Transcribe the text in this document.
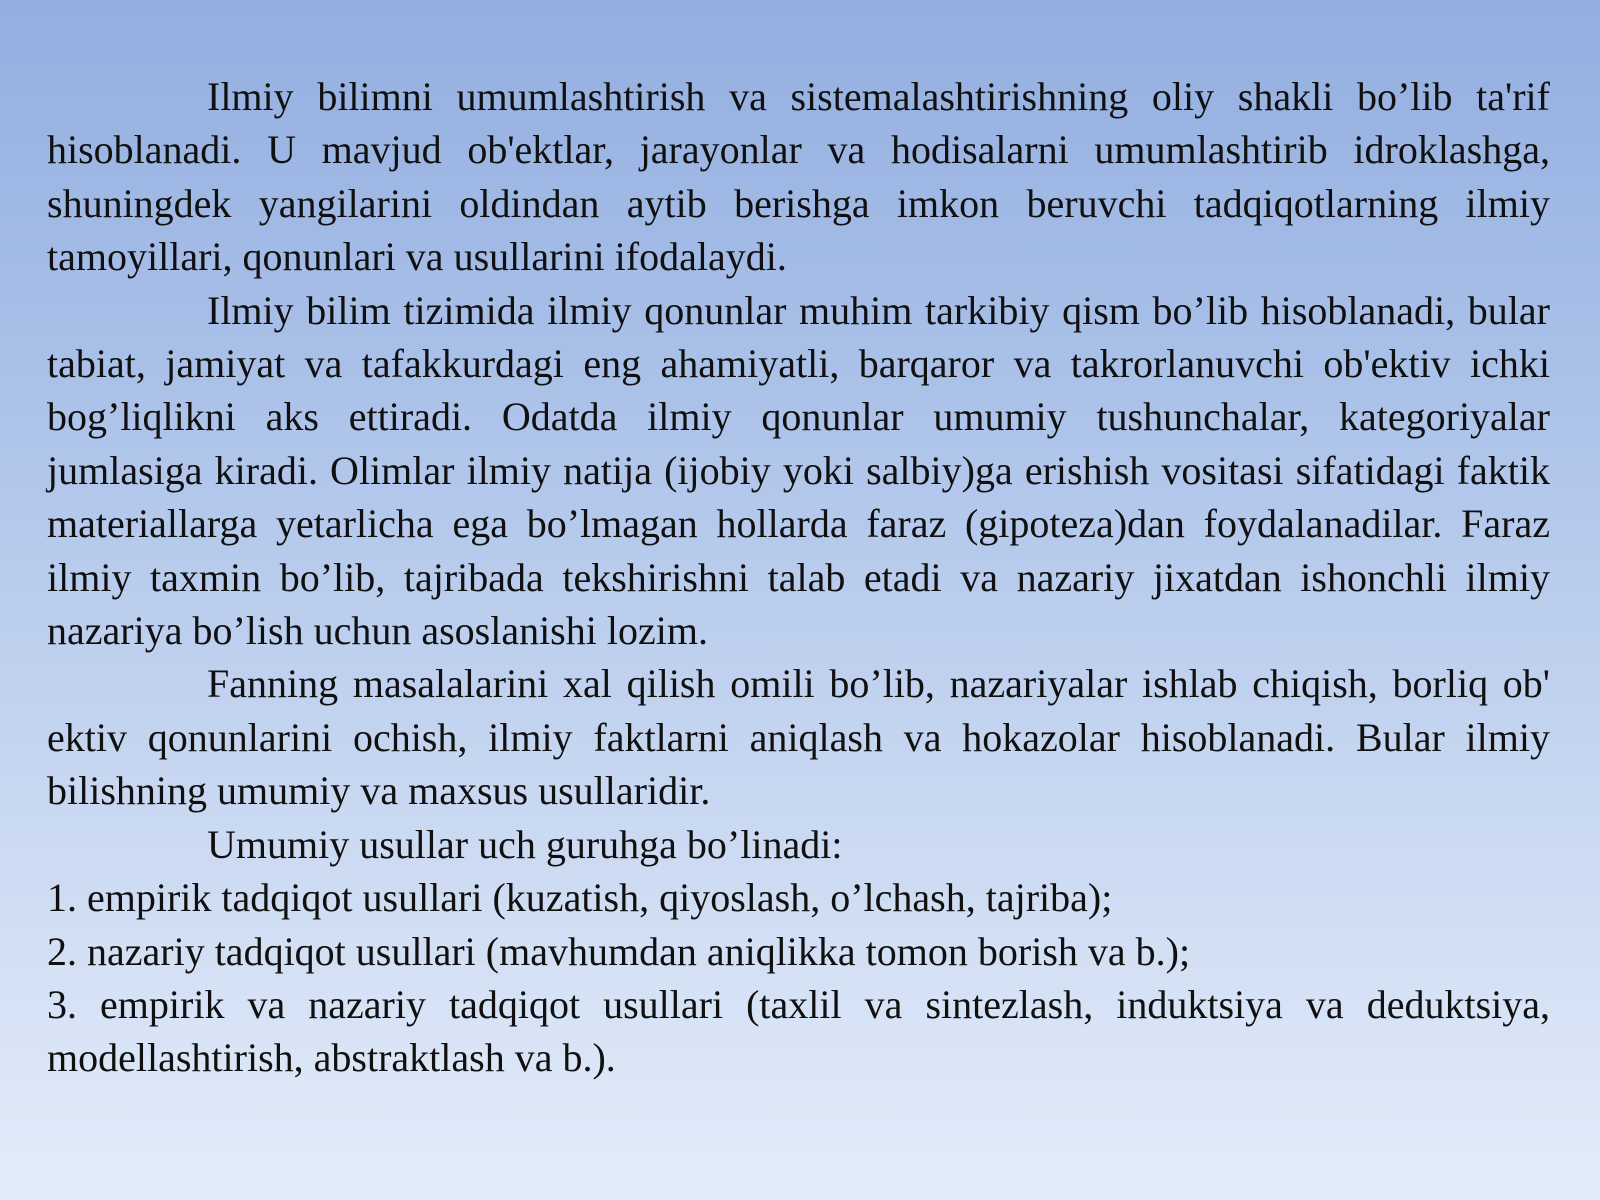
Ilmiy bilimni umumlashtirish va sistemalashtirishning oliy shakli bo’lib ta'rif hisoblanadi. U mavjud ob'ektlar, jarayonlar va hodisalarni umumlashtirib idroklashga, shuningdek yangilarini oldindan aytib berishga imkon beruvchi tadqiqotlarning ilmiy tamoyillari, qonunlari va usullarini ifodalaydi.

Ilmiy bilim tizimida ilmiy qonunlar muhim tarkibiy qism bo’lib hisoblanadi, bular tabiat, jamiyat va tafakkurdagi eng ahamiyatli, barqaror va takrorlanuvchi ob'ektiv ichki bog’liqlikni aks ettiradi. Odatda ilmiy qonunlar umumiy tushunchalar, kategoriyalar jumlasiga kiradi. Olimlar ilmiy natija (ijobiy yoki salbiy)ga erishish vositasi sifatidagi faktik materiallarga yetarlicha ega bo’lmagan hollarda faraz (gipoteza)dan foydalanadilar. Faraz ilmiy taxmin bo’lib, tajribada tekshirishni talab etadi va nazariy jixatdan ishonchli ilmiy nazariya bo’lish uchun asoslanishi lozim.

Fanning masalalarini xal qilish omili bo’lib, nazariyalar ishlab chiqish, borliq ob' ektiv qonunlarini ochish, ilmiy faktlarni aniqlash va hokazolar hisoblanadi. Bular ilmiy bilishning umumiy va maxsus usullaridir.

Umumiy usullar uch guruhga bo’linadi:

1. empirik tadqiqot usullari (kuzatish, qiyoslash, o’lchash, tajriba);

2. nazariy tadqiqot usullari (mavhumdan aniqlikka tomon borish va b.);

3. empirik va nazariy tadqiqot usullari (taxlil va sintezlash, induktsiya va deduktsiya, modellashtirish, abstraktlash va b.).
